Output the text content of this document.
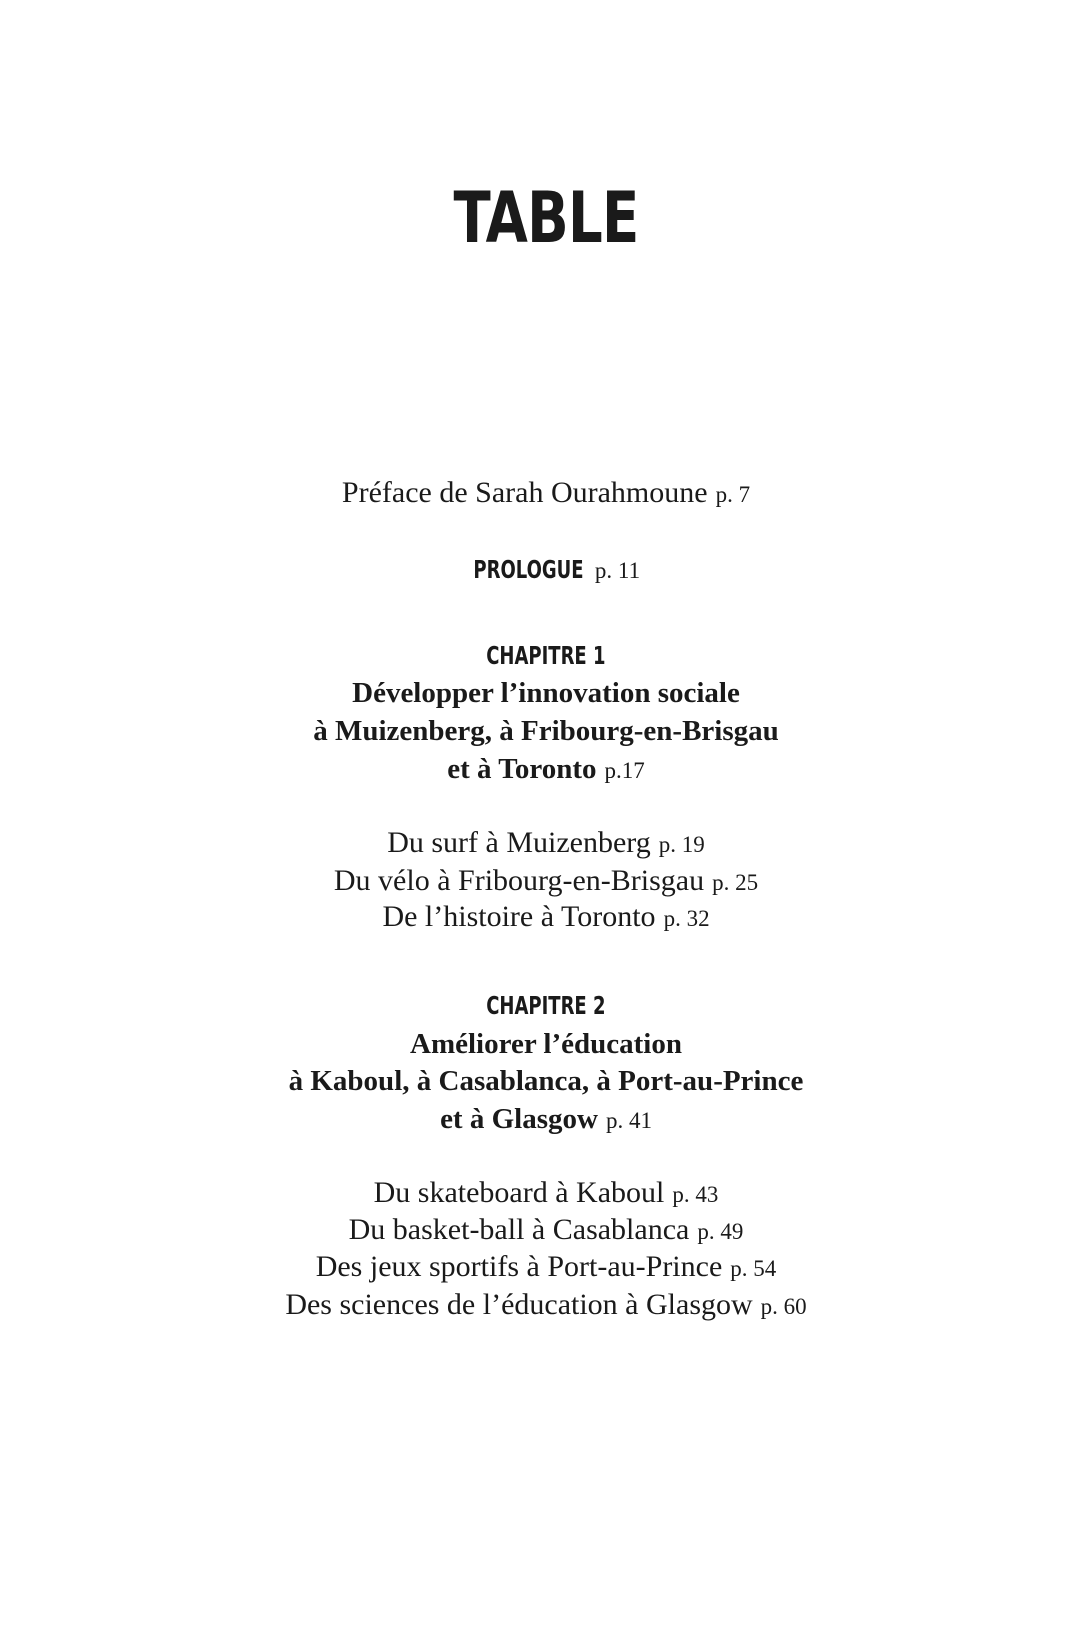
TABLE

Préface de Sarah Ourahmoune p. 7

PROLOGUE p. 11

CHAPITRE 1

Développer l’innovation sociale

à Muizenberg, à Fribourg-en-Brisgau

et à Toronto p.17

Du surf à Muizenberg p. 19

Du vélo à Fribourg-en-Brisgau p. 25

De l’histoire à Toronto p. 32

CHAPITRE 2

Améliorer l’éducation

à Kaboul, à Casablanca, à Port-au-Prince

et à Glasgow p. 41

Du skateboard à Kaboul p. 43

Du basket-ball à Casablanca p. 49

Des jeux sportifs à Port-au-Prince p. 54

Des sciences de l’éducation à Glasgow p. 60
